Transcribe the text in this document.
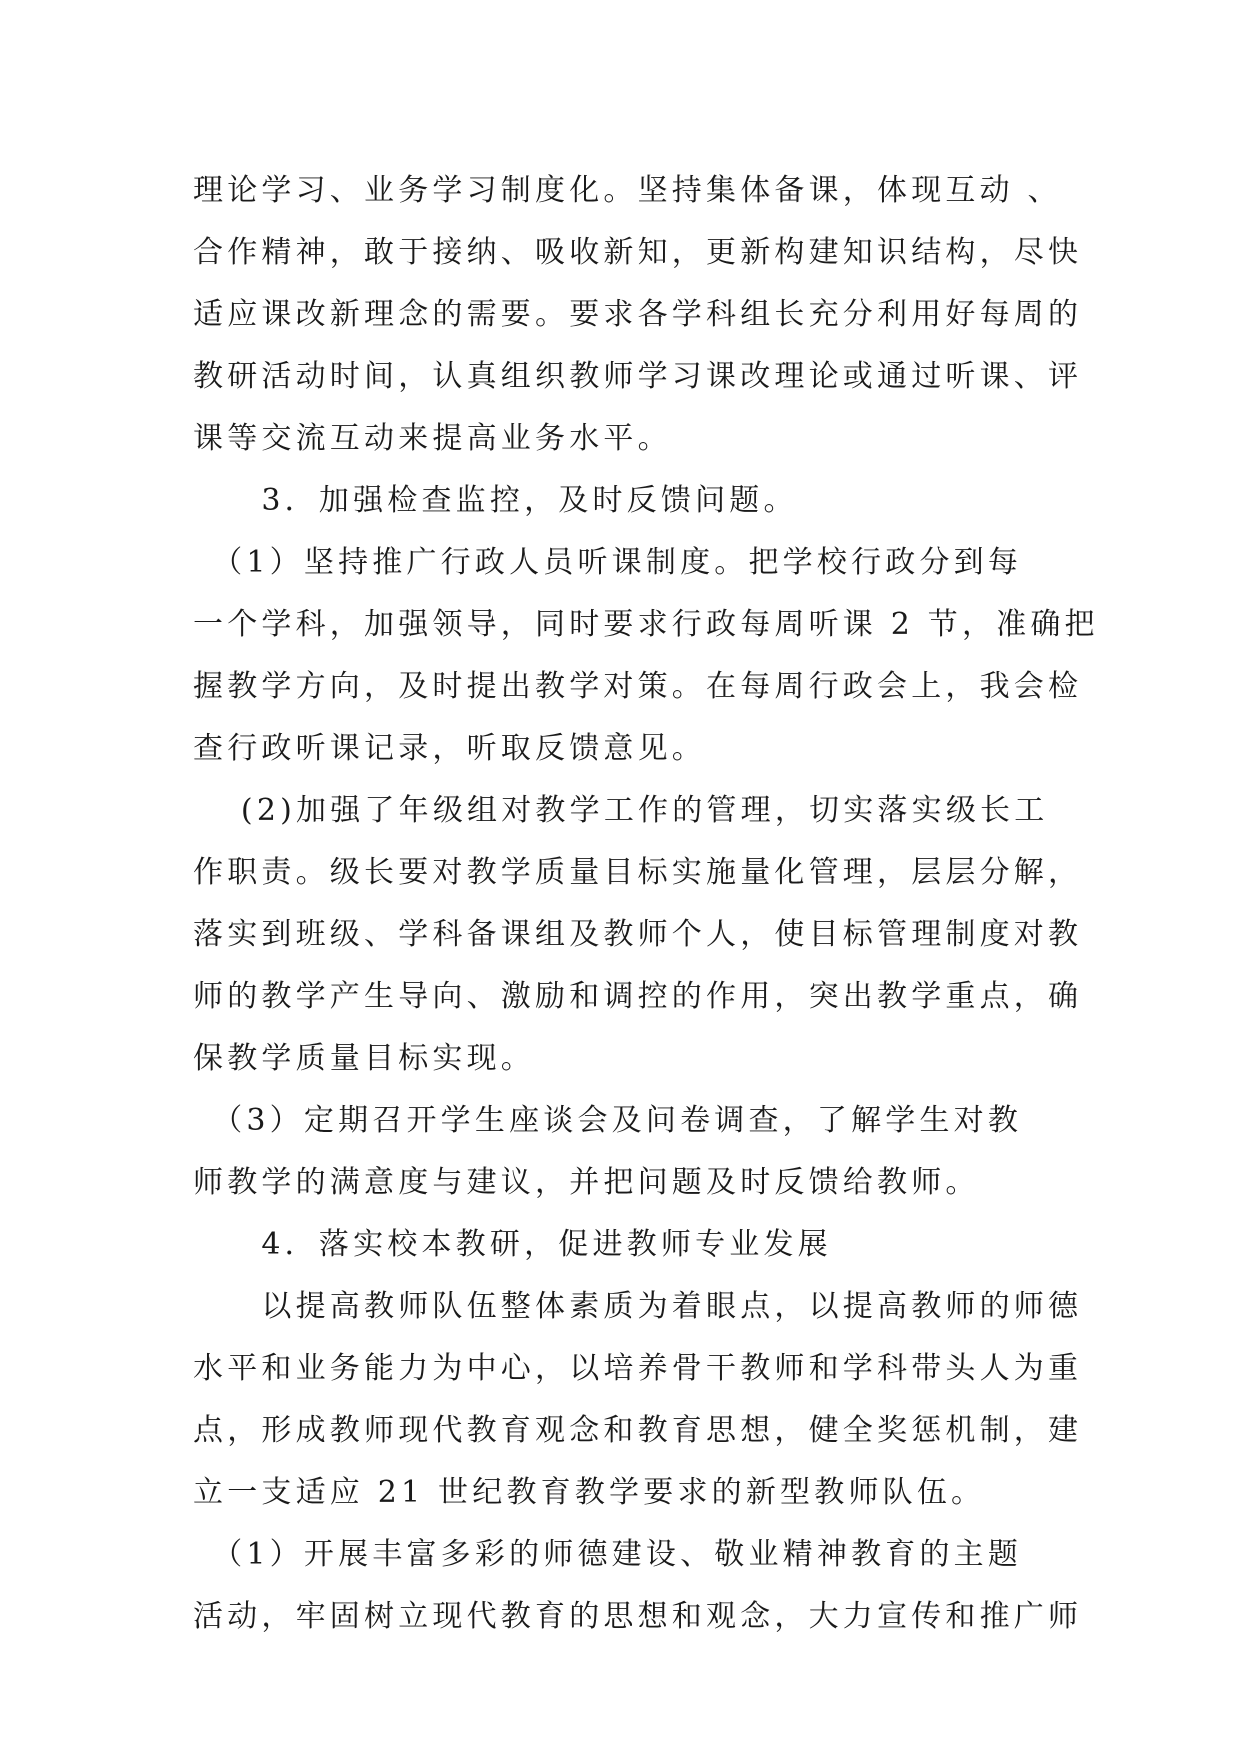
理论学习、业务学习制度化。坚持集体备课，体现互动 、
合作精神，敢于接纳、吸收新知，更新构建知识结构，尽快
适应课改新理念的需要。要求各学科组长充分利用好每周的
教研活动时间，认真组织教师学习课改理论或通过听课、评
课等交流互动来提高业务水平。
　　3．加强检查监控，及时反馈问题。
　（1）坚持推广行政人员听课制度。把学校行政分到每
一个学科，加强领导，同时要求行政每周听课 2 节，准确把
握教学方向，及时提出教学对策。在每周行政会上，我会检
查行政听课记录，听取反馈意见。
　 (2)加强了年级组对教学工作的管理，切实落实级长工
作职责。级长要对教学质量目标实施量化管理，层层分解，
落实到班级、学科备课组及教师个人，使目标管理制度对教
师的教学产生导向、激励和调控的作用，突出教学重点，确
保教学质量目标实现。
　（3）定期召开学生座谈会及问卷调查，了解学生对教
师教学的满意度与建议，并把问题及时反馈给教师。
　　4．落实校本教研，促进教师专业发展
　　以提高教师队伍整体素质为着眼点，以提高教师的师德
水平和业务能力为中心，以培养骨干教师和学科带头人为重
点，形成教师现代教育观念和教育思想，健全奖惩机制，建
立一支适应 21 世纪教育教学要求的新型教师队伍。
　（1）开展丰富多彩的师德建设、敬业精神教育的主题
活动，牢固树立现代教育的思想和观念，大力宣传和推广师
